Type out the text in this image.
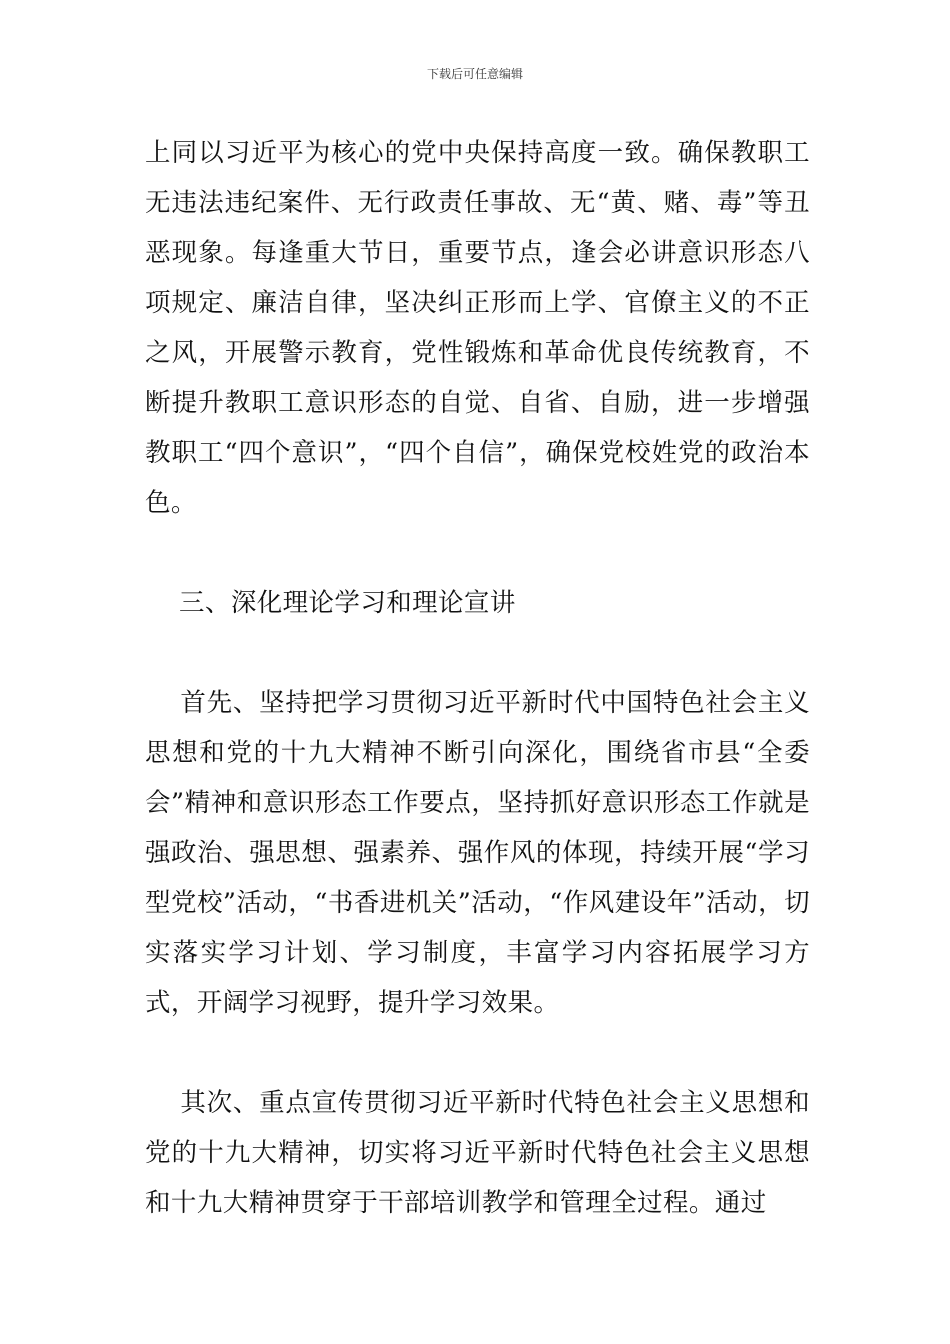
下载后可任意编辑

上同以习近平为核心的党中央保持高度一致。确保教职工无违法违纪案件、无行政责任事故、无“黄、赌、毒”等丑恶现象。每逢重大节日，重要节点，逢会必讲意识形态八项规定、廉洁自律，坚决纠正形而上学、官僚主义的不正之风，开展警示教育，党性锻炼和革命优良传统教育，不断提升教职工意识形态的自觉、自省、自励，进一步增强教职工“四个意识”，“四个自信”，确保党校姓党的政治本色。

三、深化理论学习和理论宣讲

首先、坚持把学习贯彻习近平新时代中国特色社会主义思想和党的十九大精神不断引向深化，围绕省市县“全委会”精神和意识形态工作要点，坚持抓好意识形态工作就是强政治、强思想、强素养、强作风的体现，持续开展“学习型党校”活动，“书香进机关”活动，“作风建设年”活动，切实落实学习计划、学习制度，丰富学习内容拓展学习方式，开阔学习视野，提升学习效果。

其次、重点宣传贯彻习近平新时代特色社会主义思想和党的十九大精神，切实将习近平新时代特色社会主义思想和十九大精神贯穿于干部培训教学和管理全过程。通过
